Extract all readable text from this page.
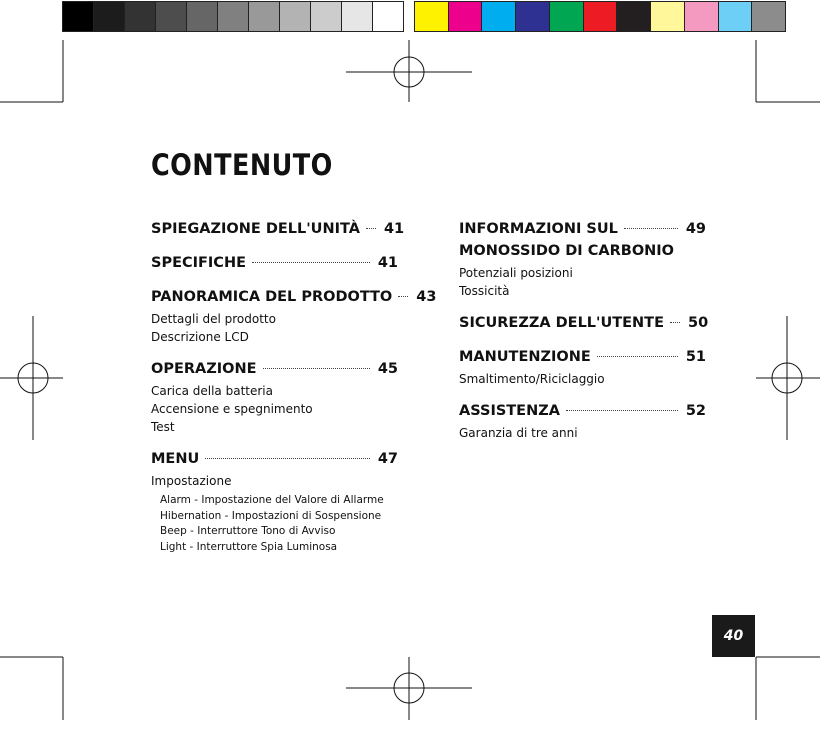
CONTENUTO
SPIEGAZIONE DELL'UNITÀ 41
SPECIFICHE	41
PANORAMICA DEL PRODOTTO 43
Dettagli del prodotto
Descrizione LCD
OPERAZIONE	45
Carica della batteria
Accensione e spegnimento
Test
MENU	47
Impostazione
Alarm - Impostazione del Valore di Allarme
Hibernation - Impostazioni di Sospensione
Beep - Interruttore Tono di Avviso
Light - Interruttore Spia Luminosa
INFORMAZIONI SUL	49
MONOSSIDO DI CARBONIO
Potenziali posizioni
Tossicità
SICUREZZA DELL'UTENTE 50
MANUTENZIONE	51
Smaltimento/Riciclaggio
ASSISTENZA	52
Garanzia di tre anni
40
